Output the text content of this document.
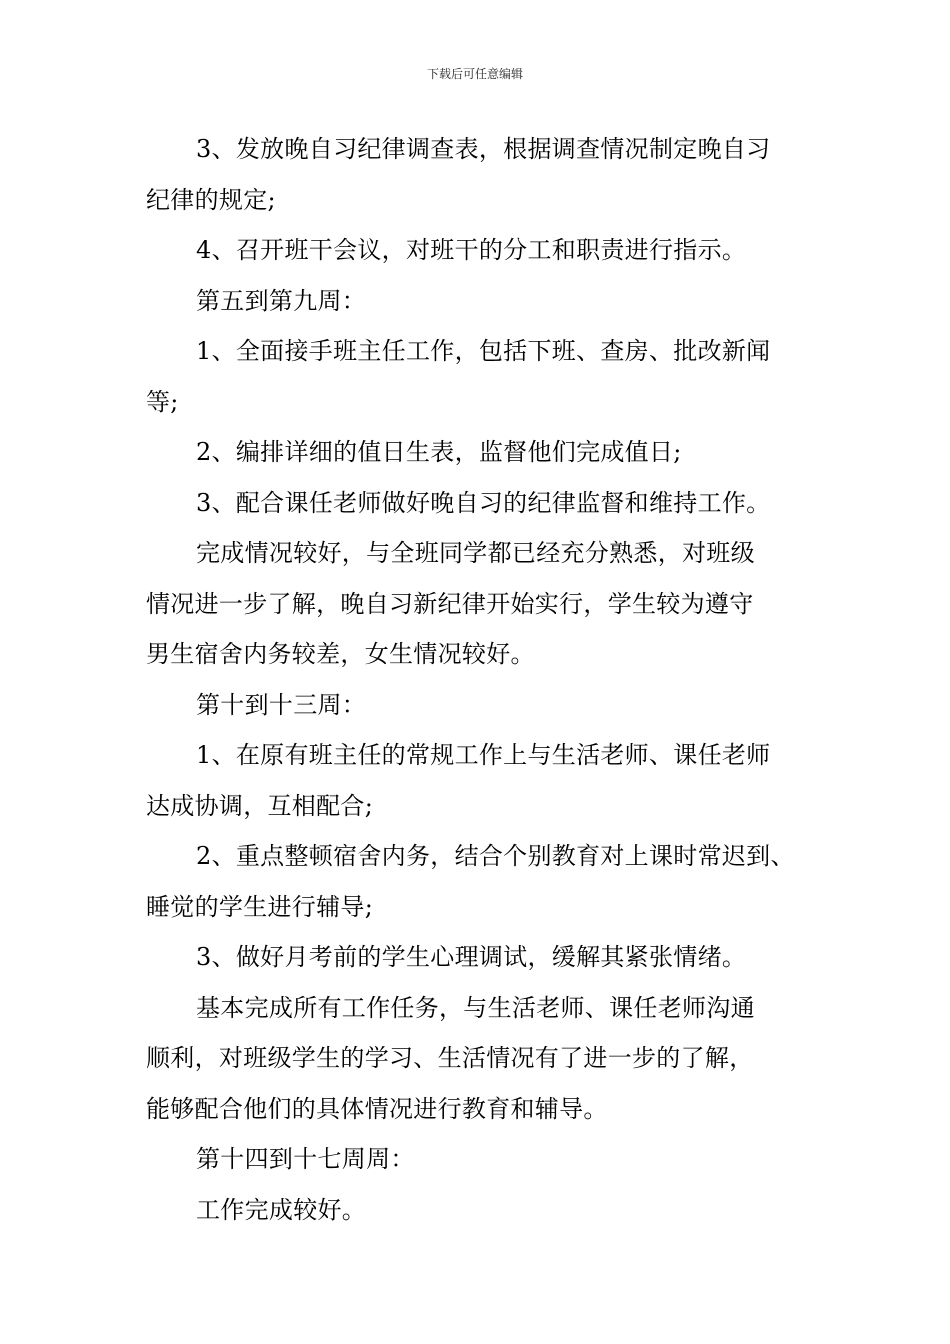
下载后可任意编辑
3、发放晚自习纪律调查表，根据调查情况制定晚自习
纪律的规定;
4、召开班干会议，对班干的分工和职责进行指示。
第五到第九周：
1、全面接手班主任工作，包括下班、查房、批改新闻
等;
2、编排详细的值日生表，监督他们完成值日;
3、配合课任老师做好晚自习的纪律监督和维持工作。
完成情况较好，与全班同学都已经充分熟悉，对班级
情况进一步了解，晚自习新纪律开始实行，学生较为遵守
男生宿舍内务较差，女生情况较好。
第十到十三周：
1、在原有班主任的常规工作上与生活老师、课任老师
达成协调，互相配合;
2、重点整顿宿舍内务，结合个别教育对上课时常迟到、
睡觉的学生进行辅导;
3、做好月考前的学生心理调试，缓解其紧张情绪。
基本完成所有工作任务，与生活老师、课任老师沟通
顺利，对班级学生的学习、生活情况有了进一步的了解，
能够配合他们的具体情况进行教育和辅导。
第十四到十七周周：
工作完成较好。
